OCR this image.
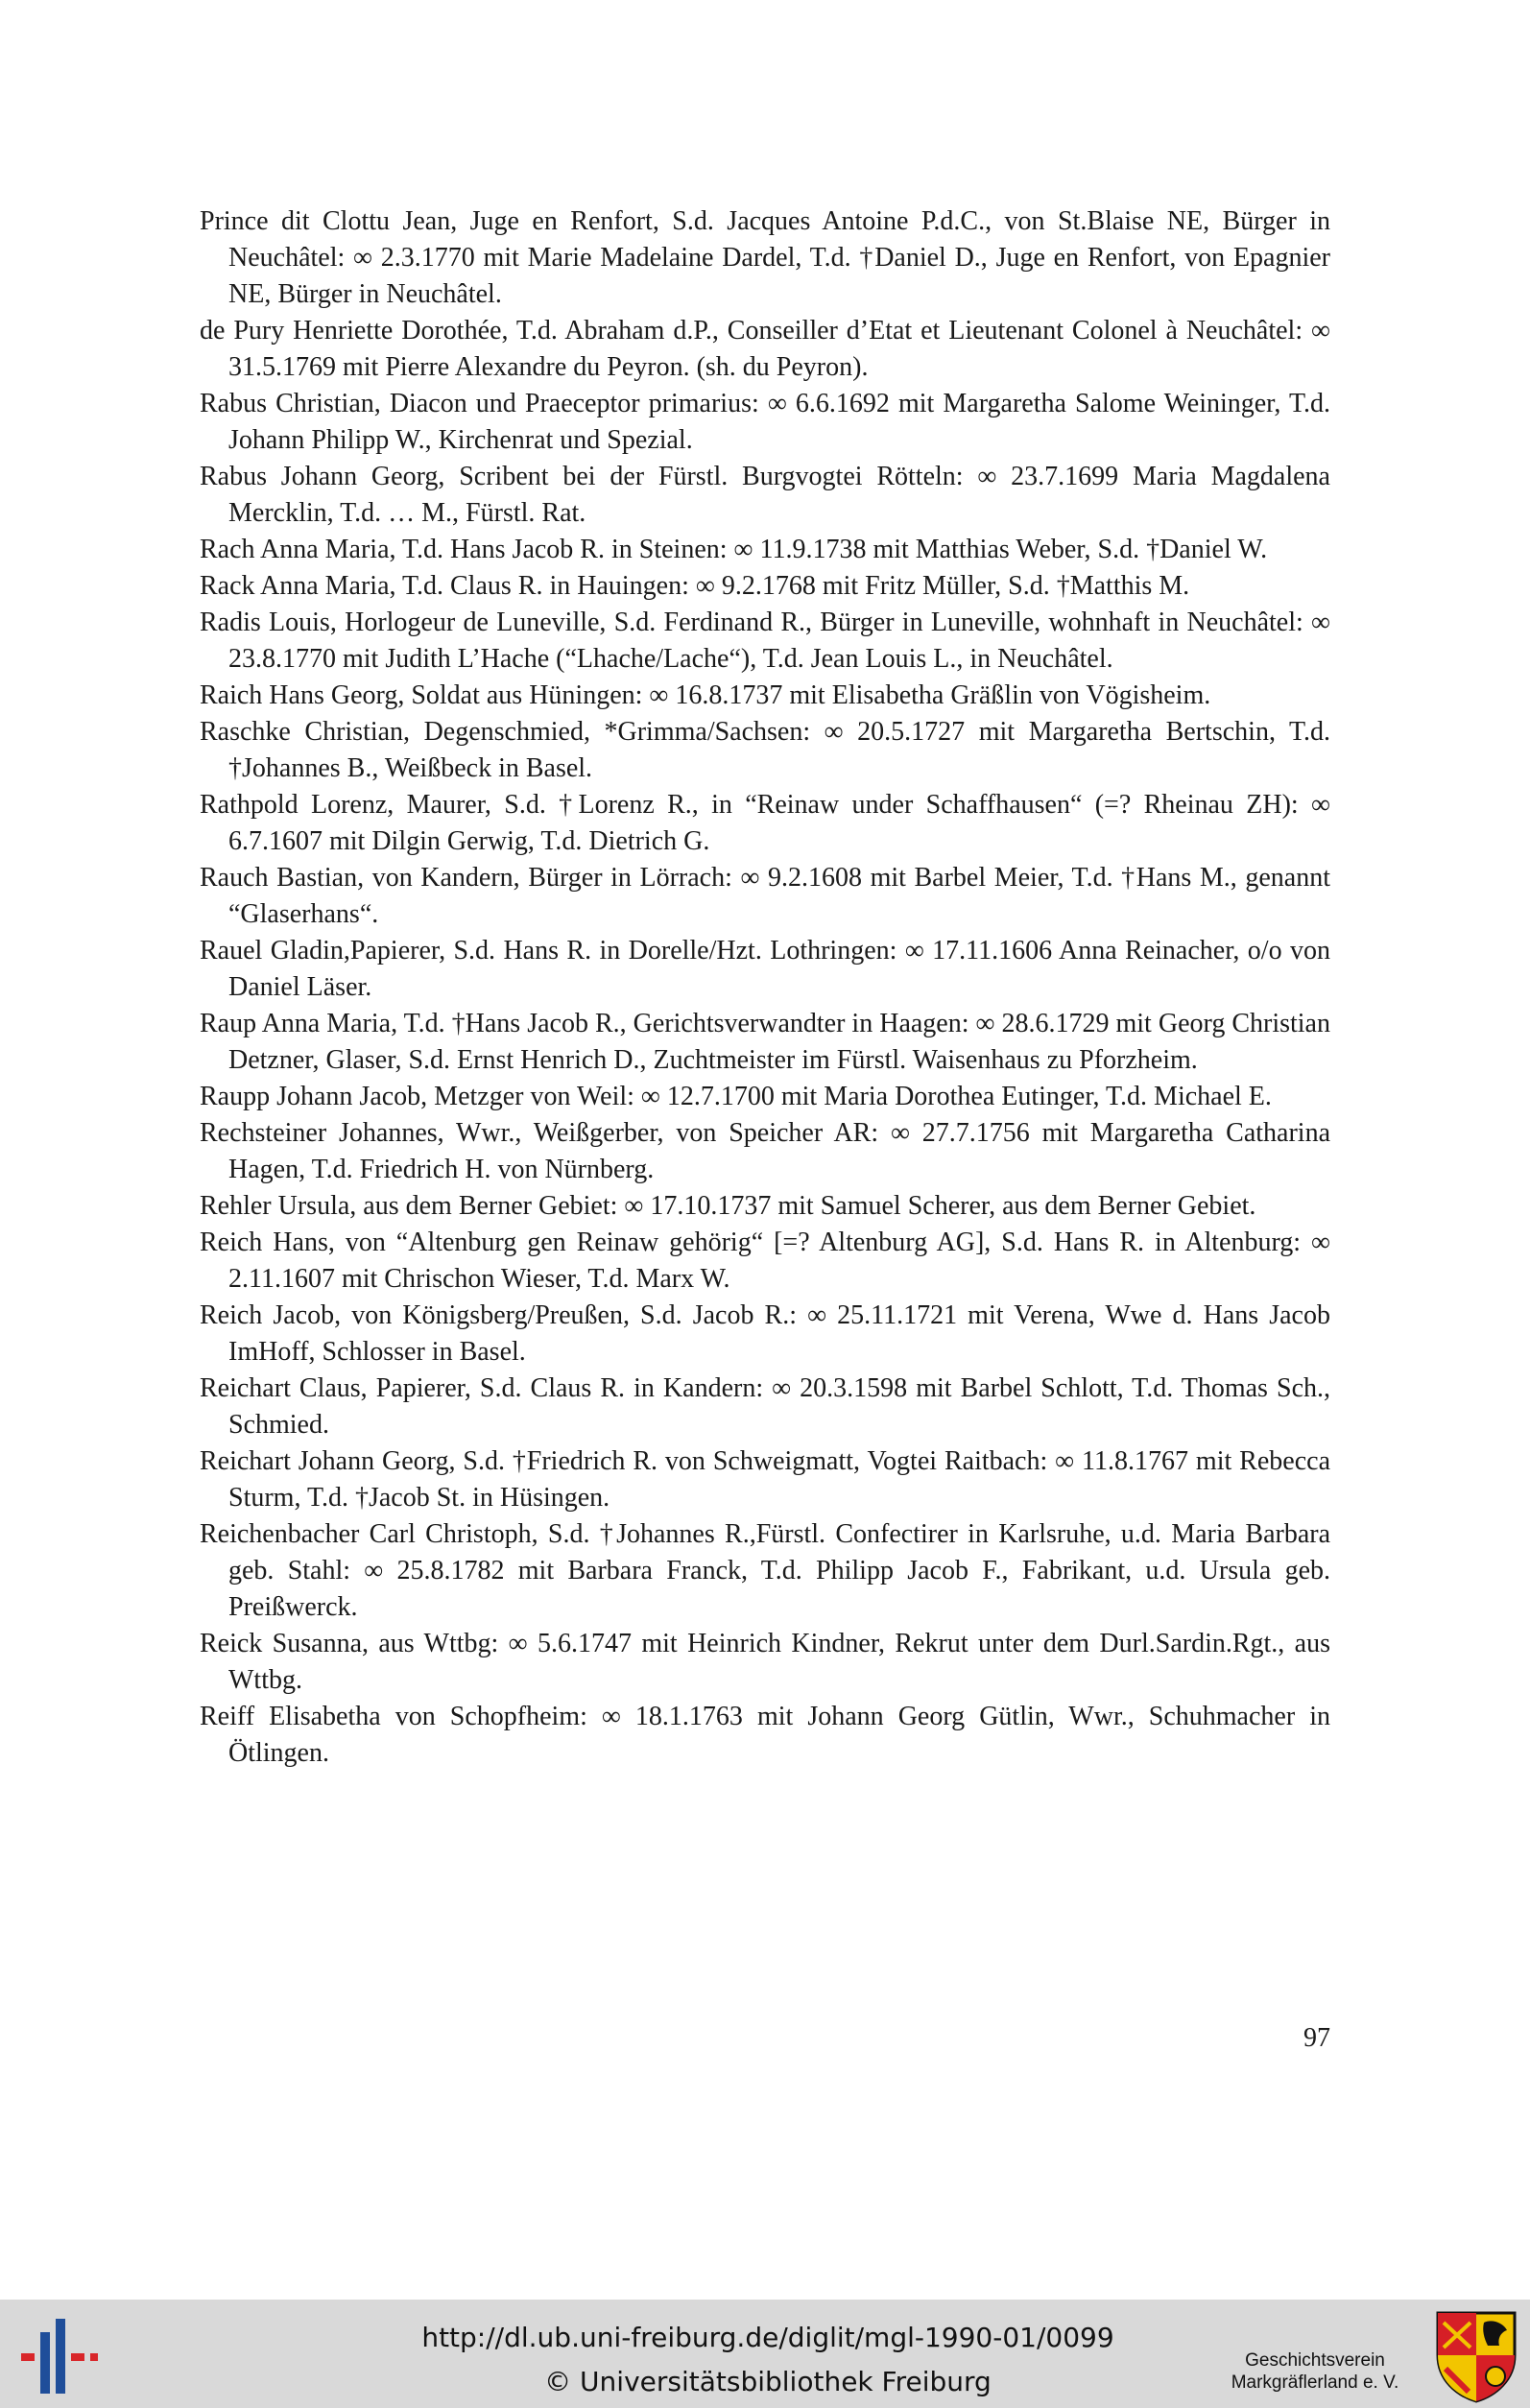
Prince dit Clottu Jean, Juge en Renfort, S.d. Jacques Antoine P.d.C., von St.Blaise NE, Bürger in Neuchâtel: ∞ 2.3.1770 mit Marie Madelaine Dardel, T.d. †Daniel D., Juge en Renfort, von Epagnier NE, Bürger in Neuchâtel.

de Pury Henriette Dorothée, T.d. Abraham d.P., Conseiller d’Etat et Lieutenant Colonel à Neuchâtel: ∞ 31.5.1769 mit Pierre Alexandre du Peyron. (sh. du Peyron).

Rabus Christian, Diacon und Praeceptor primarius: ∞ 6.6.1692 mit Margaretha Salome Weininger, T.d. Johann Philipp W., Kirchenrat und Spezial.

Rabus Johann Georg, Scribent bei der Fürstl. Burgvogtei Rötteln: ∞ 23.7.1699 Maria Magdalena Mercklin, T.d. … M., Fürstl. Rat.

Rach Anna Maria, T.d. Hans Jacob R. in Steinen: ∞ 11.9.1738 mit Matthias Weber, S.d. †Daniel W.

Rack Anna Maria, T.d. Claus R. in Hauingen: ∞ 9.2.1768 mit Fritz Müller, S.d. †Matthis M.

Radis Louis, Horlogeur de Luneville, S.d. Ferdinand R., Bürger in Luneville, wohnhaft in Neuchâtel: ∞ 23.8.1770 mit Judith L’Hache (“Lhache/Lache“), T.d. Jean Louis L., in Neuchâtel.

Raich Hans Georg, Soldat aus Hüningen: ∞ 16.8.1737 mit Elisabetha Gräßlin von Vögisheim.

Raschke Christian, Degenschmied, *Grimma/Sachsen: ∞ 20.5.1727 mit Margaretha Bertschin, T.d. †Johannes B., Weißbeck in Basel.

Rathpold Lorenz, Maurer, S.d. †Lorenz R., in “Reinaw under Schaffhausen“ (=? Rheinau ZH): ∞ 6.7.1607 mit Dilgin Gerwig, T.d. Dietrich G.

Rauch Bastian, von Kandern, Bürger in Lörrach: ∞ 9.2.1608 mit Barbel Meier, T.d. †Hans M., genannt “Glaserhans“.

Rauel Gladin,Papierer, S.d. Hans R. in Dorelle/Hzt. Lothringen: ∞ 17.11.1606 Anna Reinacher, o/o von Daniel Läser.

Raup Anna Maria, T.d. †Hans Jacob R., Gerichtsverwandter in Haagen: ∞ 28.6.1729 mit Georg Christian Detzner, Glaser, S.d. Ernst Henrich D., Zuchtmeister im Fürstl. Waisenhaus zu Pforzheim.

Raupp Johann Jacob, Metzger von Weil: ∞ 12.7.1700 mit Maria Dorothea Eutinger, T.d. Michael E.

Rechsteiner Johannes, Wwr., Weißgerber, von Speicher AR: ∞ 27.7.1756 mit Margaretha Catharina Hagen, T.d. Friedrich H. von Nürnberg.

Rehler Ursula, aus dem Berner Gebiet: ∞ 17.10.1737 mit Samuel Scherer, aus dem Berner Gebiet.

Reich Hans, von “Altenburg gen Reinaw gehörig“ [=? Altenburg AG], S.d. Hans R. in Altenburg: ∞ 2.11.1607 mit Chrischon Wieser, T.d. Marx W.

Reich Jacob, von Königsberg/Preußen, S.d. Jacob R.: ∞ 25.11.1721 mit Verena, Wwe d. Hans Jacob ImHoff, Schlosser in Basel.

Reichart Claus, Papierer, S.d. Claus R. in Kandern: ∞ 20.3.1598 mit Barbel Schlott, T.d. Thomas Sch., Schmied.

Reichart Johann Georg, S.d. †Friedrich R. von Schweigmatt, Vogtei Raitbach: ∞ 11.8.1767 mit Rebecca Sturm, T.d. †Jacob St. in Hüsingen.

Reichenbacher Carl Christoph, S.d. †Johannes R.,Fürstl. Confectirer in Karlsruhe, u.d. Maria Barbara geb. Stahl: ∞ 25.8.1782 mit Barbara Franck, T.d. Philipp Jacob F., Fabrikant, u.d. Ursula geb. Preißwerck.

Reick Susanna, aus Wttbg: ∞ 5.6.1747 mit Heinrich Kindner, Rekrut unter dem Durl.Sardin.Rgt., aus Wttbg.

Reiff Elisabetha von Schopfheim: ∞ 18.1.1763 mit Johann Georg Gütlin, Wwr., Schuhmacher in Ötlingen.

97
http://dl.ub.uni-freiburg.de/diglit/mgl-1990-01/0099
© Universitätsbibliothek Freiburg
Geschichtsverein
Markgräflerland e. V.
